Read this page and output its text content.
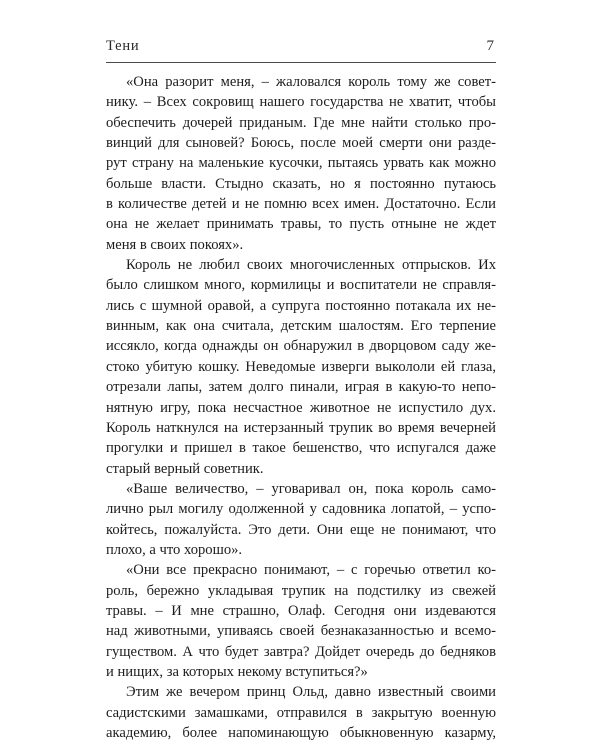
Тени	7

«Она разорит меня, – жаловался король тому же совет-
нику. – Всех сокровищ нашего государства не хватит, чтобы
обеспечить дочерей приданым. Где мне найти столько про-
винций для сыновей? Боюсь, после моей смерти они разде-
рут страну на маленькие кусочки, пытаясь урвать как можно
больше власти. Стыдно сказать, но я постоянно путаюсь
в количестве детей и не помню всех имен. Достаточно. Если
она не желает принимать травы, то пусть отныне не ждет
меня в своих покоях».

Король не любил своих многочисленных отпрысков. Их
было слишком много, кормилицы и воспитатели не справля-
лись с шумной оравой, а супруга постоянно потакала их не-
винным, как она считала, детским шалостям. Его терпение
иссякло, когда однажды он обнаружил в дворцовом саду же-
стоко убитую кошку. Неведомые изверги выкололи ей глаза,
отрезали лапы, затем долго пинали, играя в какую-то непо-
нятную игру, пока несчастное животное не испустило дух.
Король наткнулся на истерзанный трупик во время вечерней
прогулки и пришел в такое бешенство, что испугался даже
старый верный советник.

«Ваше величество, – уговаривал он, пока король само-
лично рыл могилу одолженной у садовника лопатой, – успо-
койтесь, пожалуйста. Это дети. Они еще не понимают, что
плохо, а что хорошо».

«Они все прекрасно понимают, – с горечью ответил ко-
роль, бережно укладывая трупик на подстилку из свежей
травы. – И мне страшно, Олаф. Сегодня они издеваются
над животными, упиваясь своей безнаказанностью и всемо-
гуществом. А что будет завтра? Дойдет очередь до бедняков
и нищих, за которых некому вступиться?»

Этим же вечером принц Ольд, давно известный своими
садистскими замашками, отправился в закрытую военную
академию, более напоминающую обыкновенную казарму,
